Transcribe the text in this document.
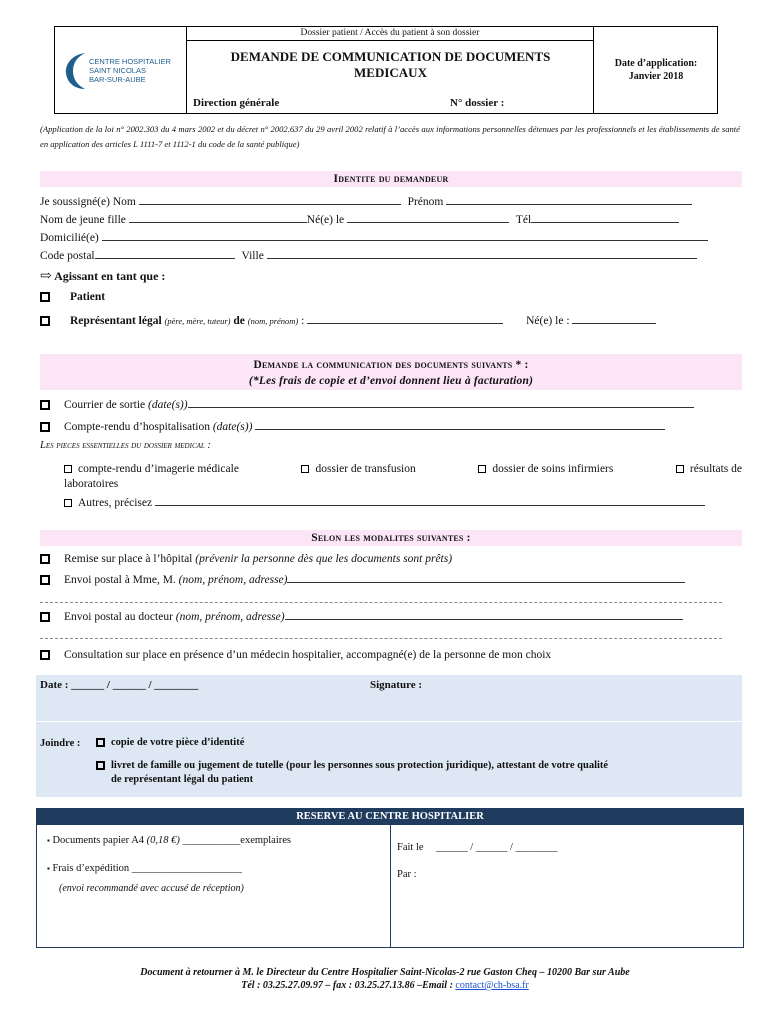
CENTRE HOSPITALIER
SAINT NICOLAS
BAR-SUR-AUBE
Dossier patient / Accès du patient à son dossier
DEMANDE DE COMMUNICATION DE DOCUMENTS
MEDICAUX
Direction générale	N° dossier :
Date d’application:
Janvier 2018
(Application de la loi n° 2002.303 du 4 mars 2002 et du décret n° 2002.637 du 29 avril 2002 relatif à l’accès aux informations personnelles détenues par les professionnels et les établissements de santé en application des articles L 1111-7 et 1112-1 du code de la santé publique)
Identite du demandeur
Je soussigné(e) Nom	Prénom
Nom de jeune fille	Né(e) le	Tél
Domicilié(e)
Code postal	Ville
⇨ Agissant en tant que :
Patient
Représentant légal (père, mère, tuteur) de (nom, prénom) :	Né(e) le :
Demande la communication des documents suivants * :
(*Les frais de copie et d’envoi donnent lieu à facturation)
Courrier de sortie (date(s))
Compte-rendu d’hospitalisation (date(s))
Les pieces essentielles du dossier medical :
compte-rendu d’imagerie médicale	dossier de transfusion	dossier de soins infirmiers	résultats de
laboratoires
Autres, précisez
Selon les modalites suivantes :
Remise sur place à l’hôpital (prévenir la personne dès que les documents sont prêts)
Envoi postal à Mme, M. (nom, prénom, adresse)
Envoi postal au docteur (nom, prénom, adresse)
Consultation sur place en présence d’un médecin hospitalier, accompagné(e) de la personne de mon choix
Date : ______ / ______ / ________	Signature :
Joindre :	copie de votre pièce d’identité
livret de famille ou jugement de tutelle (pour les personnes sous protection juridique), attestant de votre qualité
de représentant légal du patient
RESERVE AU CENTRE HOSPITALIER
▪ Documents papier A4 (0,18 €) ___________exemplaires
▪ Frais d’expédition _____________________
(envoi recommandé avec accusé de réception)
Fait le ______ / ______ / ________
Par :
Document à retourner à M. le Directeur du Centre Hospitalier Saint-Nicolas-2 rue Gaston Cheq – 10200 Bar sur Aube
Tél : 03.25.27.09.97 – fax : 03.25.27.13.86 –Email : contact@ch-bsa.fr
